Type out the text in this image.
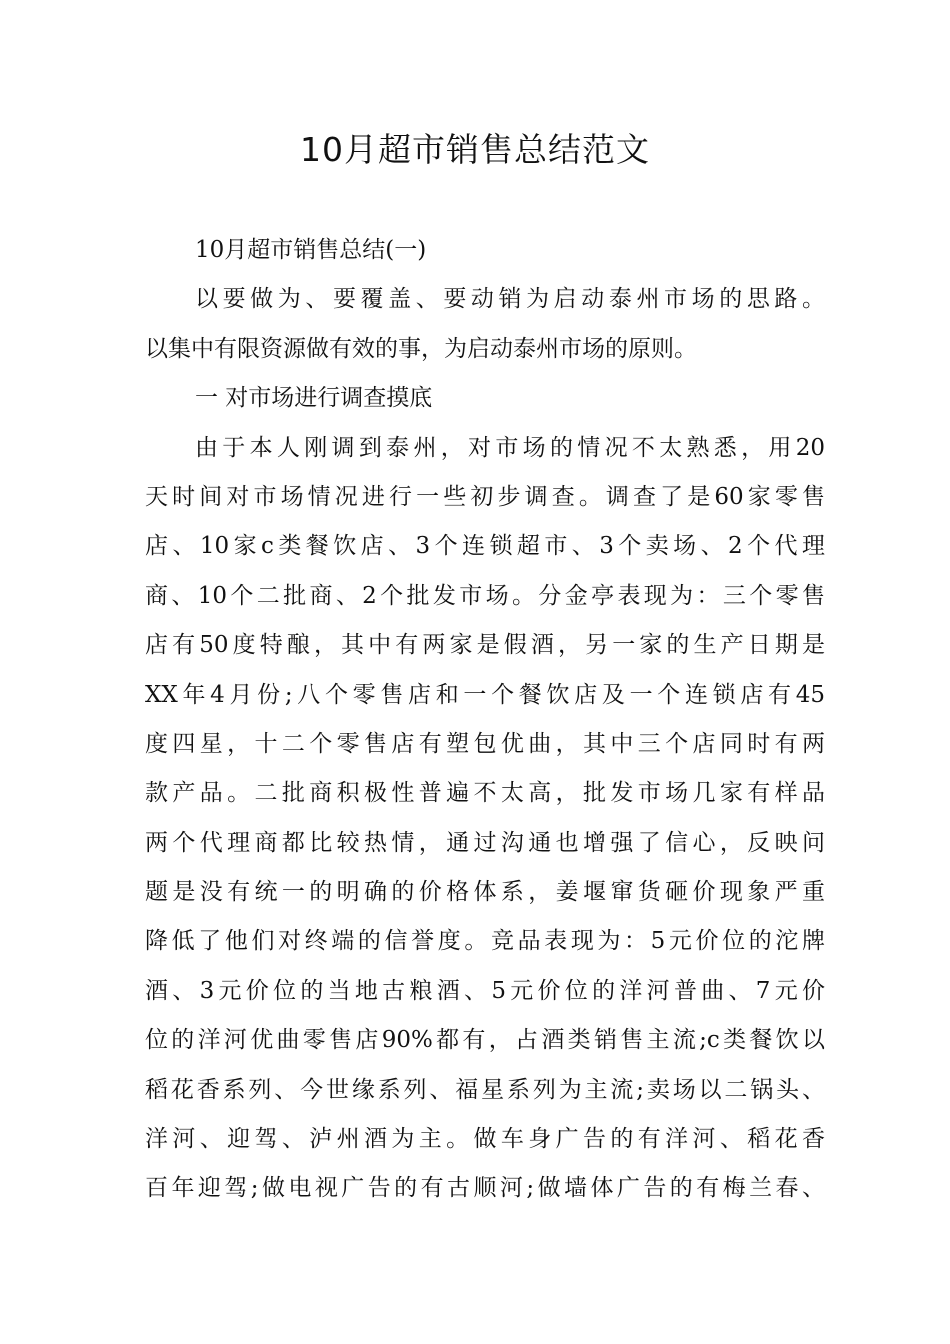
10月超市销售总结范文
10月超市销售总结(一)
以要做为、要覆盖、要动销为启动泰州市场的思路。
以集中有限资源做有效的事，为启动泰州市场的原则。
一 对市场进行调查摸底
由于本人刚调到泰州，对市场的情况不太熟悉，用20
天时间对市场情况进行一些初步调查。调查了是60家零售
店、10家c类餐饮店、3个连锁超市、3个卖场、2个代理
商、10个二批商、2个批发市场。分金亭表现为：三个零售
店有50度特酿，其中有两家是假酒，另一家的生产日期是
XX年4月份;八个零售店和一个餐饮店及一个连锁店有45
度四星，十二个零售店有塑包优曲，其中三个店同时有两
款产品。二批商积极性普遍不太高，批发市场几家有样品
两个代理商都比较热情，通过沟通也增强了信心，反映问
题是没有统一的明确的价格体系，姜堰窜货砸价现象严重
降低了他们对终端的信誉度。竞品表现为：5元价位的沱牌
酒、3元价位的当地古粮酒、5元价位的洋河普曲、7元价
位的洋河优曲零售店90%都有，占酒类销售主流;c类餐饮以
稻花香系列、今世缘系列、福星系列为主流;卖场以二锅头、
洋河、迎驾、泸州酒为主。做车身广告的有洋河、稻花香
百年迎驾;做电视广告的有古顺河;做墙体广告的有梅兰春、
